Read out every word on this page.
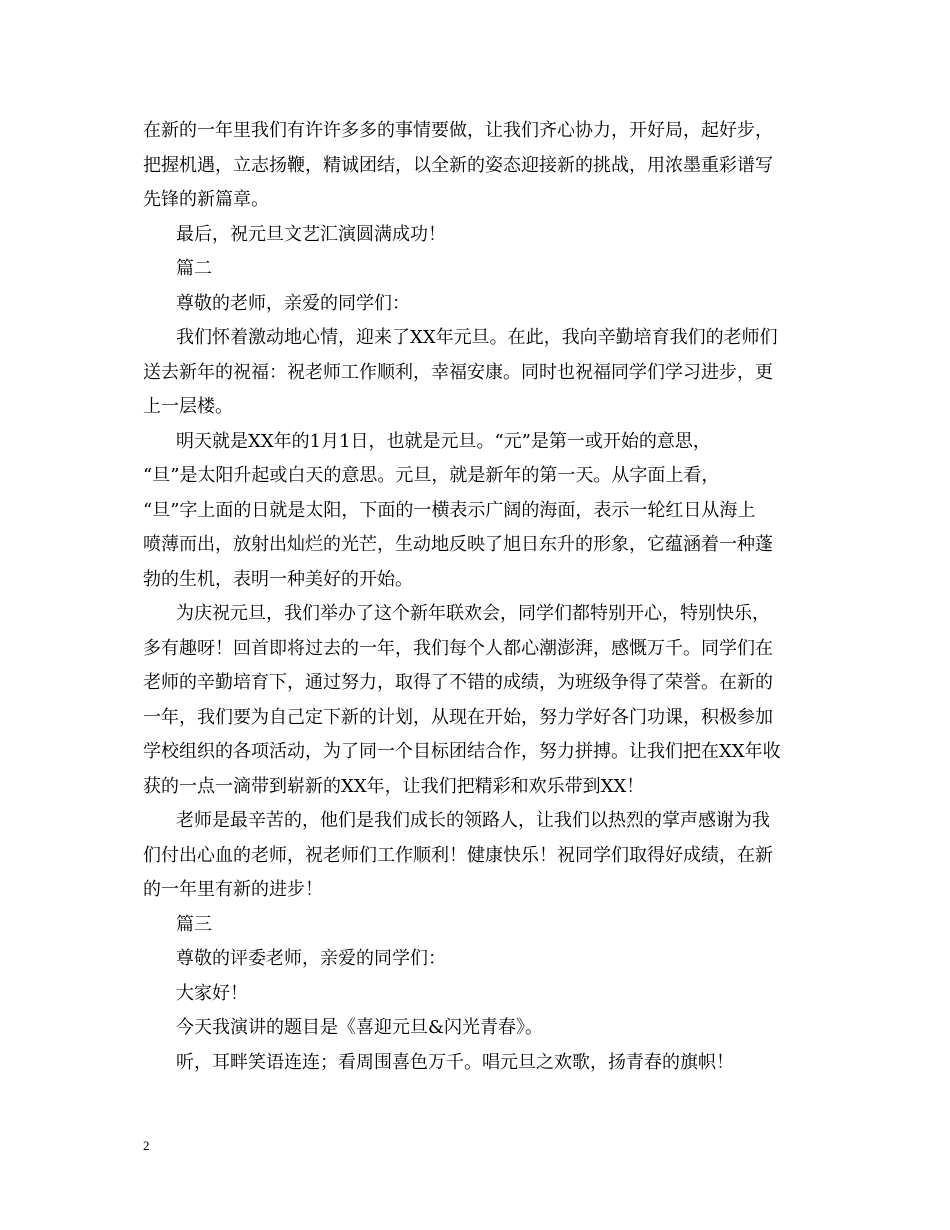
在新的一年里我们有许许多多的事情要做，让我们齐心协力，开好局，起好步，
把握机遇，立志扬鞭，精诚团结，以全新的姿态迎接新的挑战，用浓墨重彩谱写
先锋的新篇章。
最后，祝元旦文艺汇演圆满成功！
篇二
尊敬的老师，亲爱的同学们：
我们怀着激动地心情，迎来了XX年元旦。在此，我向辛勤培育我们的老师们
送去新年的祝福：祝老师工作顺利，幸福安康。同时也祝福同学们学习进步，更
上一层楼。
明天就是XX年的1月1日，也就是元旦。“元”是第一或开始的意思，
“旦”是太阳升起或白天的意思。元旦，就是新年的第一天。从字面上看，
“旦”字上面的日就是太阳，下面的一横表示广阔的海面，表示一轮红日从海上
喷薄而出，放射出灿烂的光芒，生动地反映了旭日东升的形象，它蕴涵着一种蓬
勃的生机，表明一种美好的开始。
为庆祝元旦，我们举办了这个新年联欢会，同学们都特别开心，特别快乐，
多有趣呀！回首即将过去的一年，我们每个人都心潮澎湃，感慨万千。同学们在
老师的辛勤培育下，通过努力，取得了不错的成绩，为班级争得了荣誉。在新的
一年，我们要为自己定下新的计划，从现在开始，努力学好各门功课，积极参加
学校组织的各项活动，为了同一个目标团结合作，努力拼搏。让我们把在XX年收
获的一点一滴带到崭新的XX年，让我们把精彩和欢乐带到XX！
老师是最辛苦的，他们是我们成长的领路人，让我们以热烈的掌声感谢为我
们付出心血的老师，祝老师们工作顺利！健康快乐！祝同学们取得好成绩，在新
的一年里有新的进步！
篇三
尊敬的评委老师，亲爱的同学们：
大家好！
今天我演讲的题目是《喜迎元旦&闪光青春》。
听，耳畔笑语连连；看周围喜色万千。唱元旦之欢歌，扬青春的旗帜！
2
